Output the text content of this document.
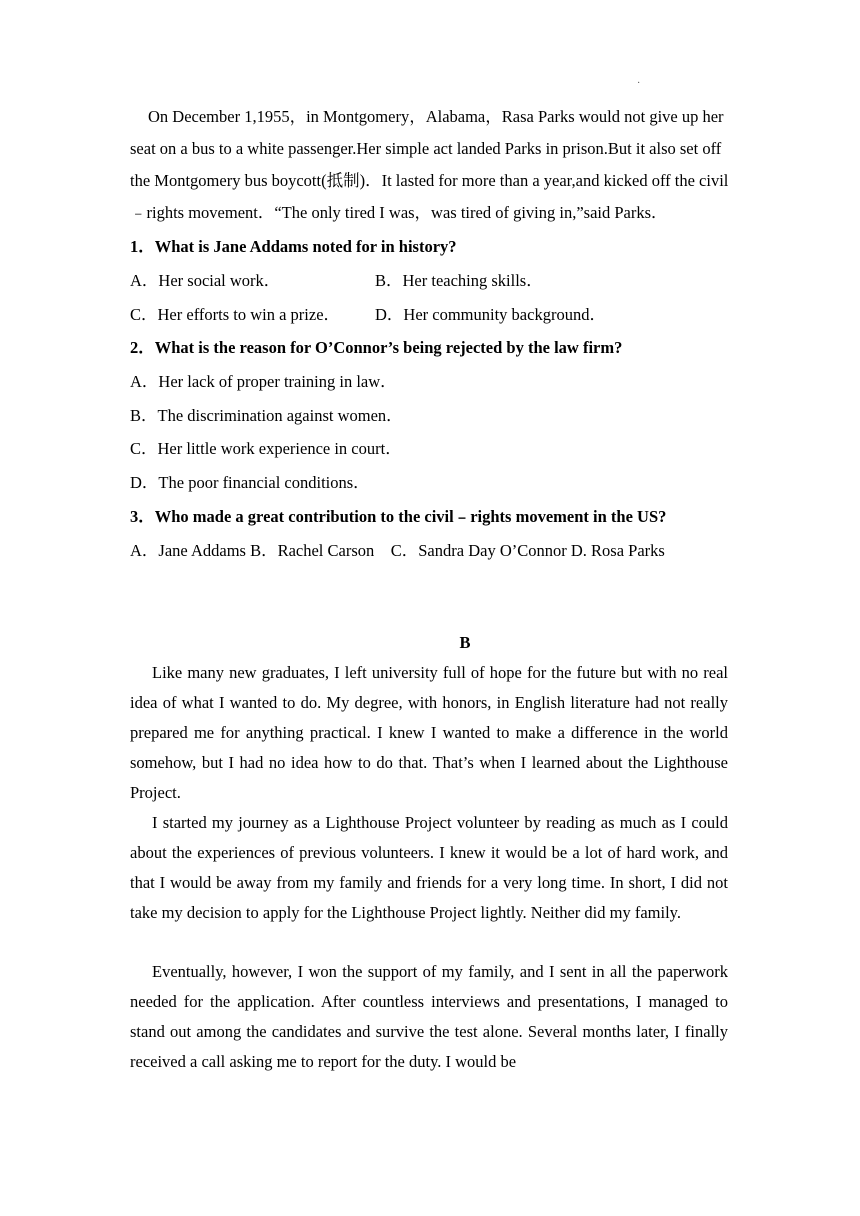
·

On December 1,1955，in Montgomery，Alabama，Rasa Parks would not give up her seat on a bus to a white passenger.Her simple act landed Parks in prison.But it also set off the Montgomery bus boycott(抵制)．It lasted for more than a year,and kicked off the civil﹣rights movement．“The only tired I was，was tired of giving in,”said Parks．

1．What is Jane Addams noted for in history?

A．Her social work．	B．Her teaching skills．

C．Her efforts to win a prize． D．Her community background．

2．What is the reason for O’Connor’s being rejected by the law firm?

A．Her lack of proper training in law．

B．The discrimination against women．

C．Her little work experience in court．

D．The poor financial conditions．

3．Who made a great contribution to the civil﹣rights movement in the US?

A．Jane Addams B．Rachel Carson　C．Sandra Day O’Connor D. Rosa Parks

B

Like many new graduates, I left university full of hope for the future but with no real idea of what I wanted to do. My degree, with honors, in English literature had not really prepared me for anything practical. I knew I wanted to make a difference in the world somehow, but I had no idea how to do that. That’s when I learned about the Lighthouse Project.

I started my journey as a Lighthouse Project volunteer by reading as much as I could about the experiences of previous volunteers. I knew it would be a lot of hard work, and that I would be away from my family and friends for a very long time. In short, I did not take my decision to apply for the Lighthouse Project lightly. Neither did my family.

Eventually, however, I won the support of my family, and I sent in all the paperwork needed for the application. After countless interviews and presentations, I managed to stand out among the candidates and survive the test alone. Several months later, I finally received a call asking me to report for the duty. I would be
